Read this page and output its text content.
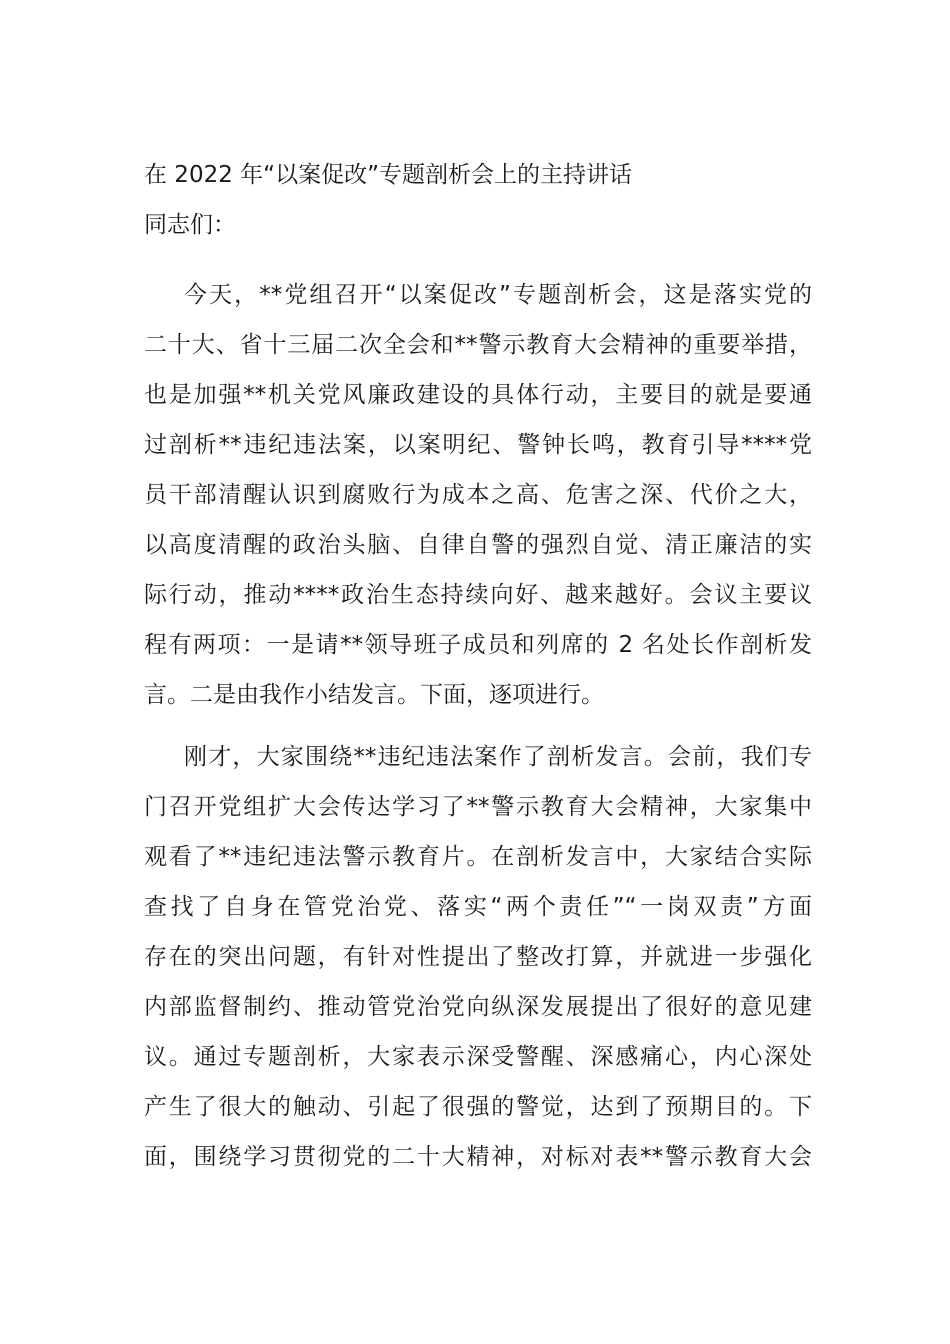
在 2022 年“以案促改”专题剖析会上的主持讲话

同志们：

今天，**党组召开“以案促改”专题剖析会，这是落实党的
二十大、省十三届二次全会和**警示教育大会精神的重要举措，
也是加强**机关党风廉政建设的具体行动，主要目的就是要通
过剖析**违纪违法案，以案明纪、警钟长鸣，教育引导****党
员干部清醒认识到腐败行为成本之高、危害之深、代价之大，
以高度清醒的政治头脑、自律自警的强烈自觉、清正廉洁的实
际行动，推动****政治生态持续向好、越来越好。会议主要议
程有两项：一是请**领导班子成员和列席的 2 名处长作剖析发
言。二是由我作小结发言。下面，逐项进行。
刚才，大家围绕**违纪违法案作了剖析发言。会前，我们专
门召开党组扩大会传达学习了**警示教育大会精神，大家集中
观看了**违纪违法警示教育片。在剖析发言中，大家结合实际
查找了自身在管党治党、落实“两个责任”“一岗双责”方面
存在的突出问题，有针对性提出了整改打算，并就进一步强化
内部监督制约、推动管党治党向纵深发展提出了很好的意见建
议。通过专题剖析，大家表示深受警醒、深感痛心，内心深处
产生了很大的触动、引起了很强的警觉，达到了预期目的。下
面，围绕学习贯彻党的二十大精神，对标对表**警示教育大会
